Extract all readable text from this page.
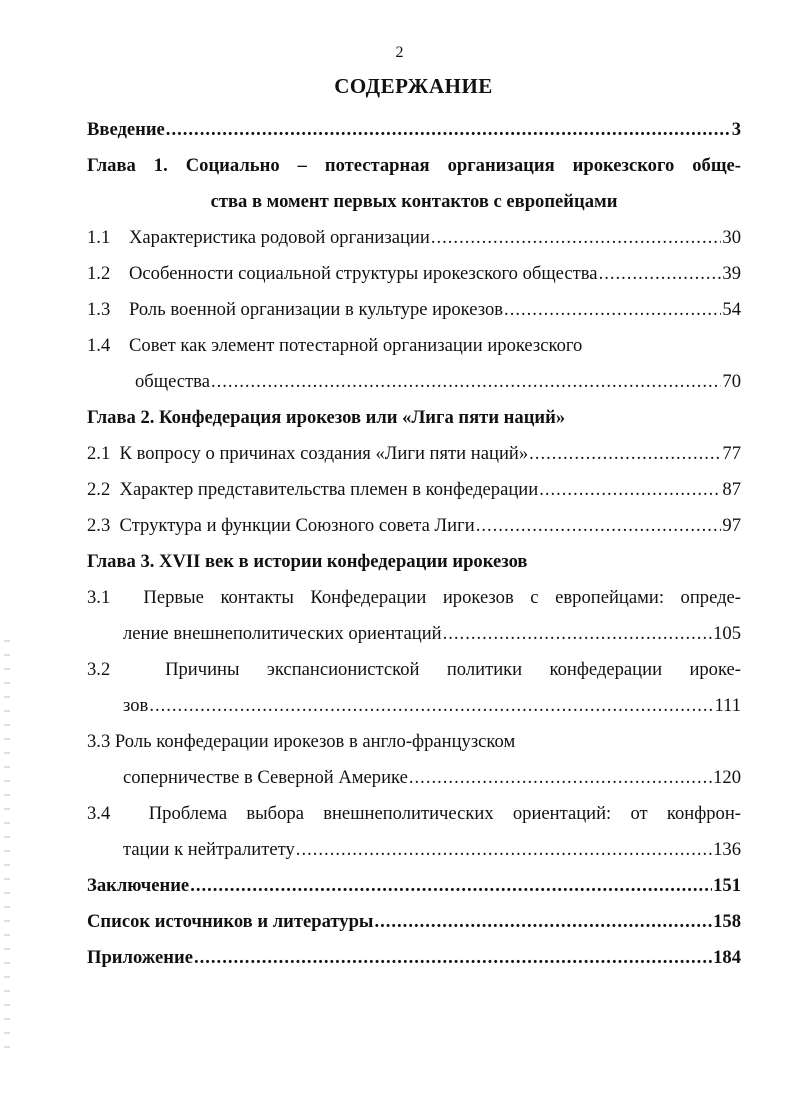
2
СОДЕРЖАНИЕ
Введение .....	3
Глава 1. Социально – потестарная организация ирокезского обще-
ства в момент первых контактов с европейцами
1.1 Характеристика родовой организации .....	30
1.2 Особенности социальной структуры ирокезского общества .....	39
1.3 Роль военной организации в культуре ирокезов .....	54
1.4 Совет как элемент потестарной организации ирокезского
общества .....	70
Глава 2. Конфедерация ирокезов или «Лига пяти наций»
2.1 К вопросу о причинах создания «Лиги пяти наций» .....	77
2.2 Характер представительства племен в конфедерации .....	87
2.3 Структура и функции Союзного совета Лиги .....	97
Глава 3. XVII век в истории конфедерации ирокезов
3.1 Первые контакты Конфедерации ирокезов с европейцами: опреде-
ление внешнеполитических ориентаций .....	105
3.2	Причины экспансионистской политики конфедерации ироке-
зов .....	111
3.3 Роль конфедерации ирокезов в англо-французском
соперничестве в Северной Америке .....	120
3.4 Проблема выбора внешнеполитических ориентаций: от конфрон-
тации к нейтралитету .....	136
Заключение .....	151
Список источников и литературы .....	158
Приложение .....	184
